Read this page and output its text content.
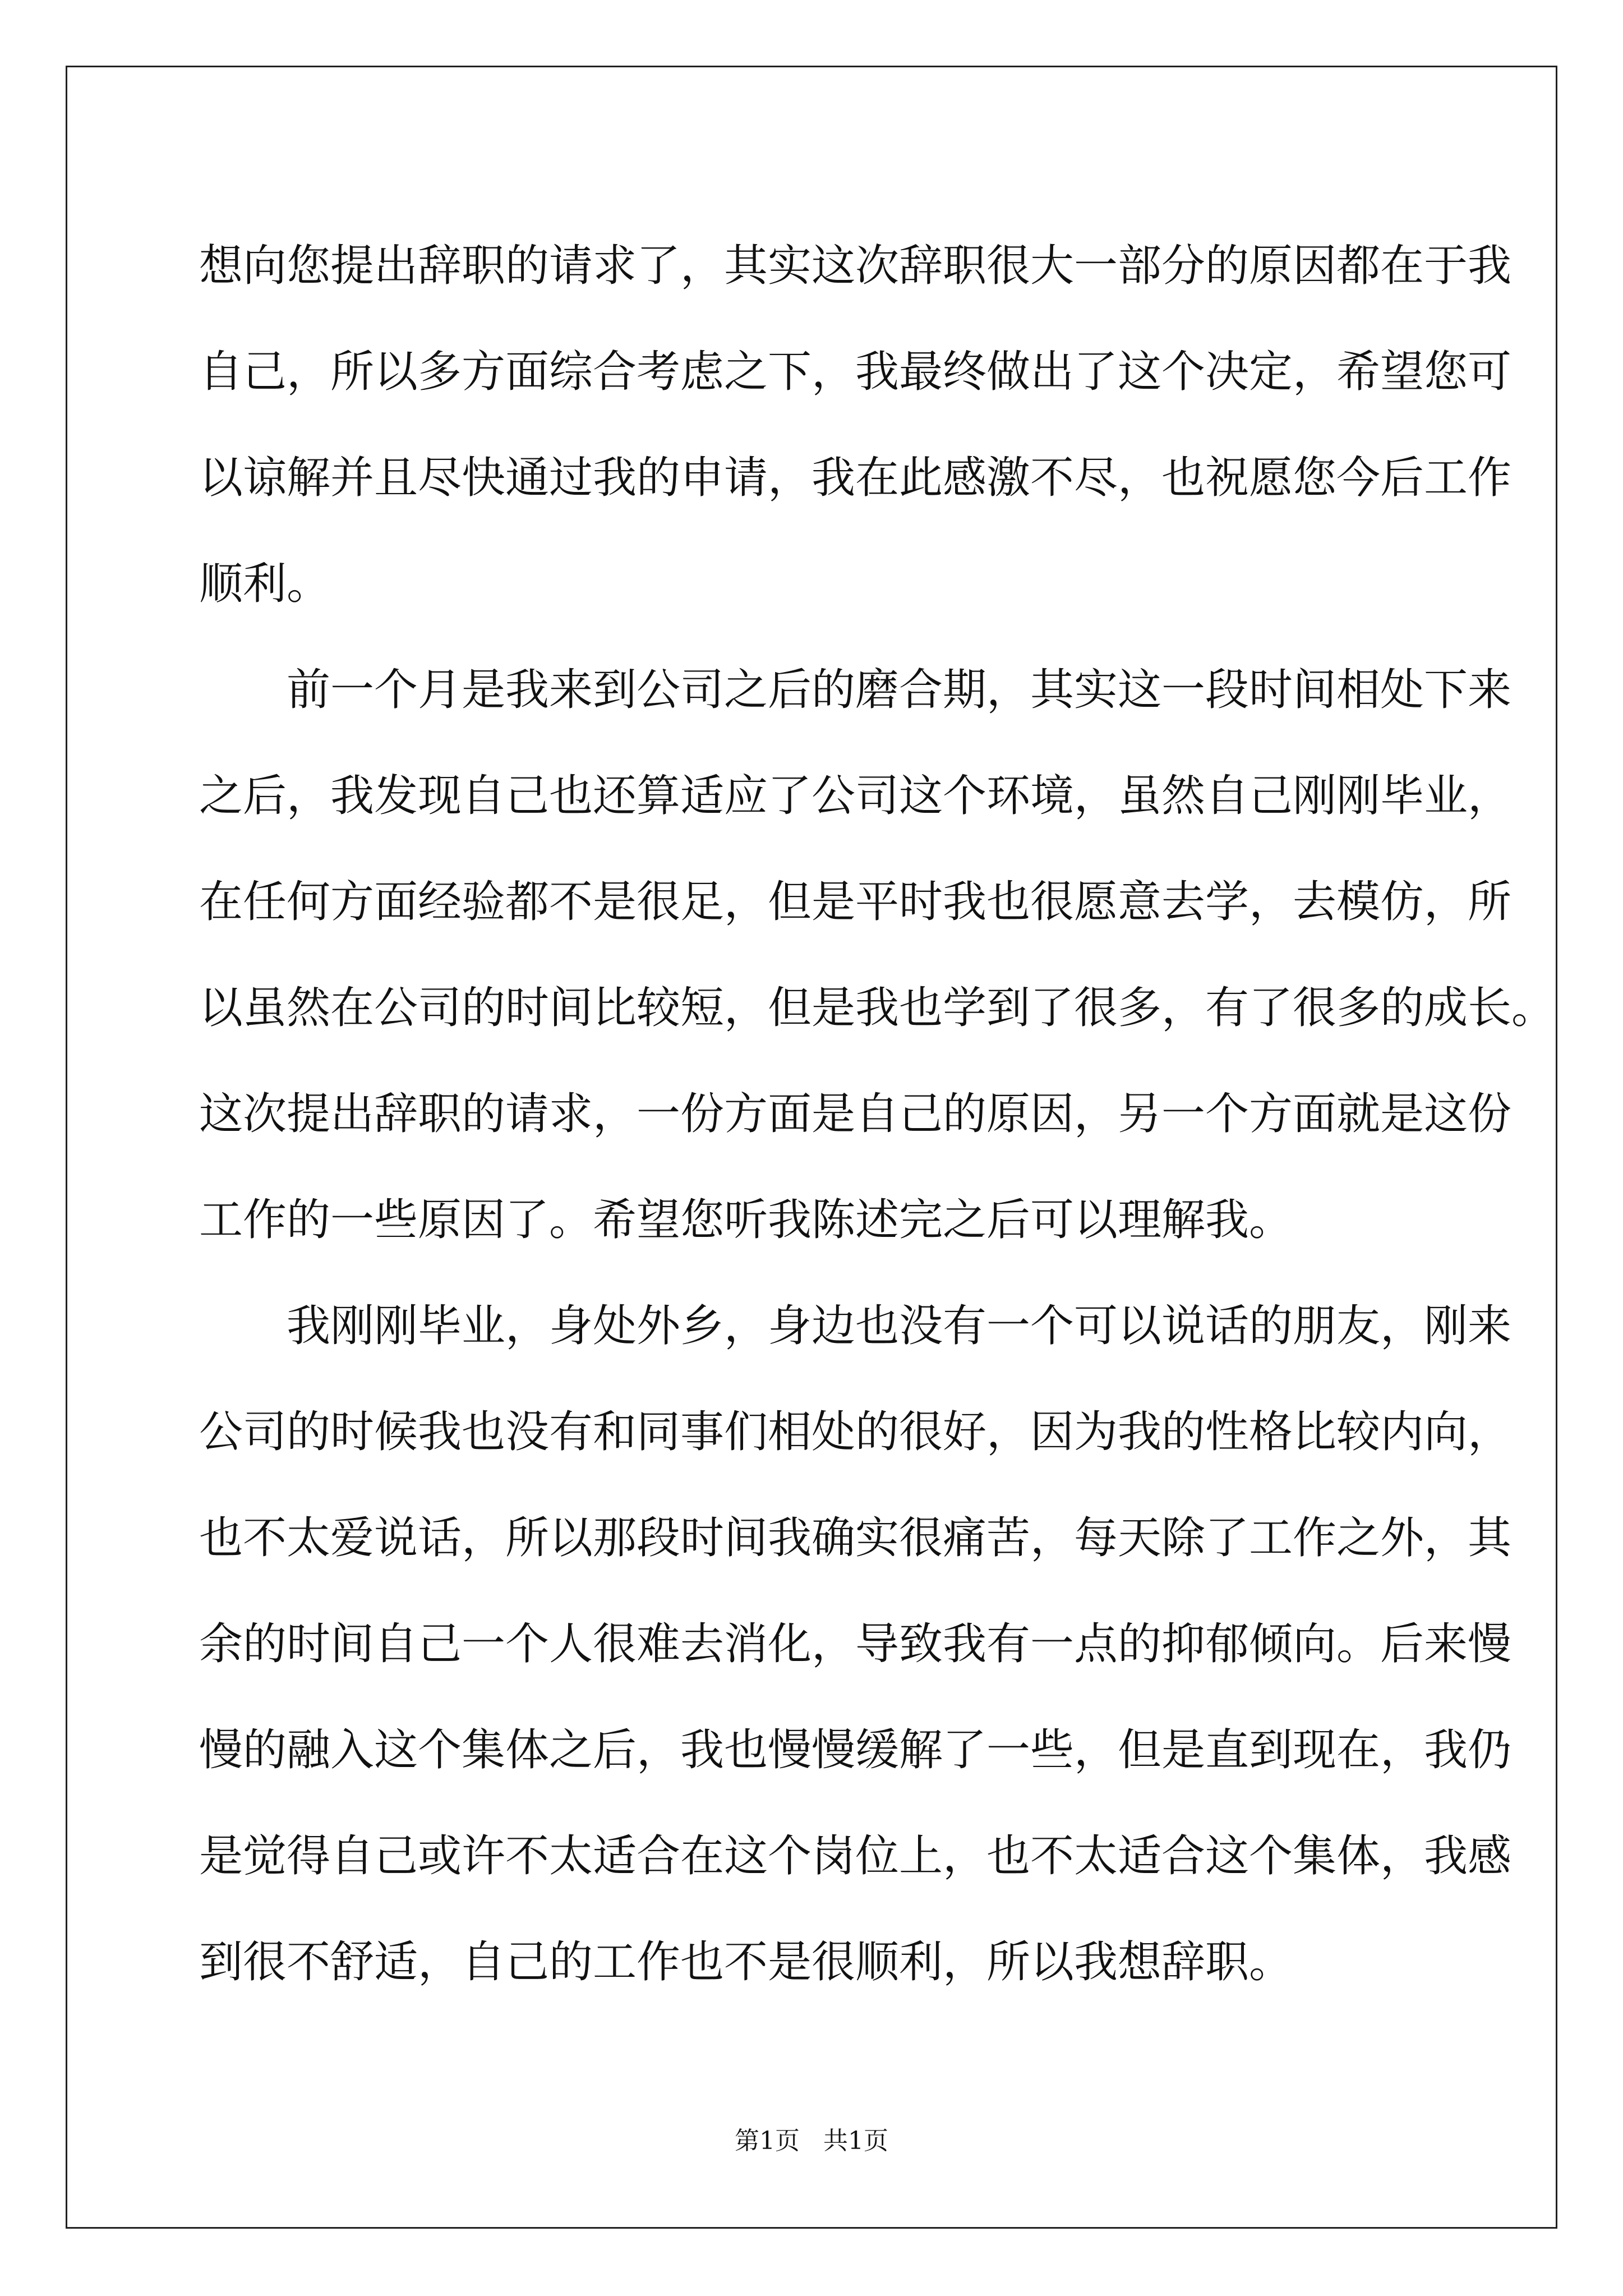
想向您提出辞职的请求了，其实这次辞职很大一部分的原因都在于我
自己，所以多方面综合考虑之下，我最终做出了这个决定，希望您可
以谅解并且尽快通过我的申请，我在此感激不尽，也祝愿您今后工作
顺利。
　　前一个月是我来到公司之后的磨合期，其实这一段时间相处下来
之后，我发现自己也还算适应了公司这个环境，虽然自己刚刚毕业，
在任何方面经验都不是很足，但是平时我也很愿意去学，去模仿，所
以虽然在公司的时间比较短，但是我也学到了很多，有了很多的成长。
这次提出辞职的请求，一份方面是自己的原因，另一个方面就是这份
工作的一些原因了。希望您听我陈述完之后可以理解我。
　　我刚刚毕业，身处外乡，身边也没有一个可以说话的朋友，刚来
公司的时候我也没有和同事们相处的很好，因为我的性格比较内向，
也不太爱说话，所以那段时间我确实很痛苦，每天除了工作之外，其
余的时间自己一个人很难去消化，导致我有一点的抑郁倾向。后来慢
慢的融入这个集体之后，我也慢慢缓解了一些，但是直到现在，我仍
是觉得自己或许不太适合在这个岗位上，也不太适合这个集体，我感
到很不舒适，自己的工作也不是很顺利，所以我想辞职。
第1页 共1页
